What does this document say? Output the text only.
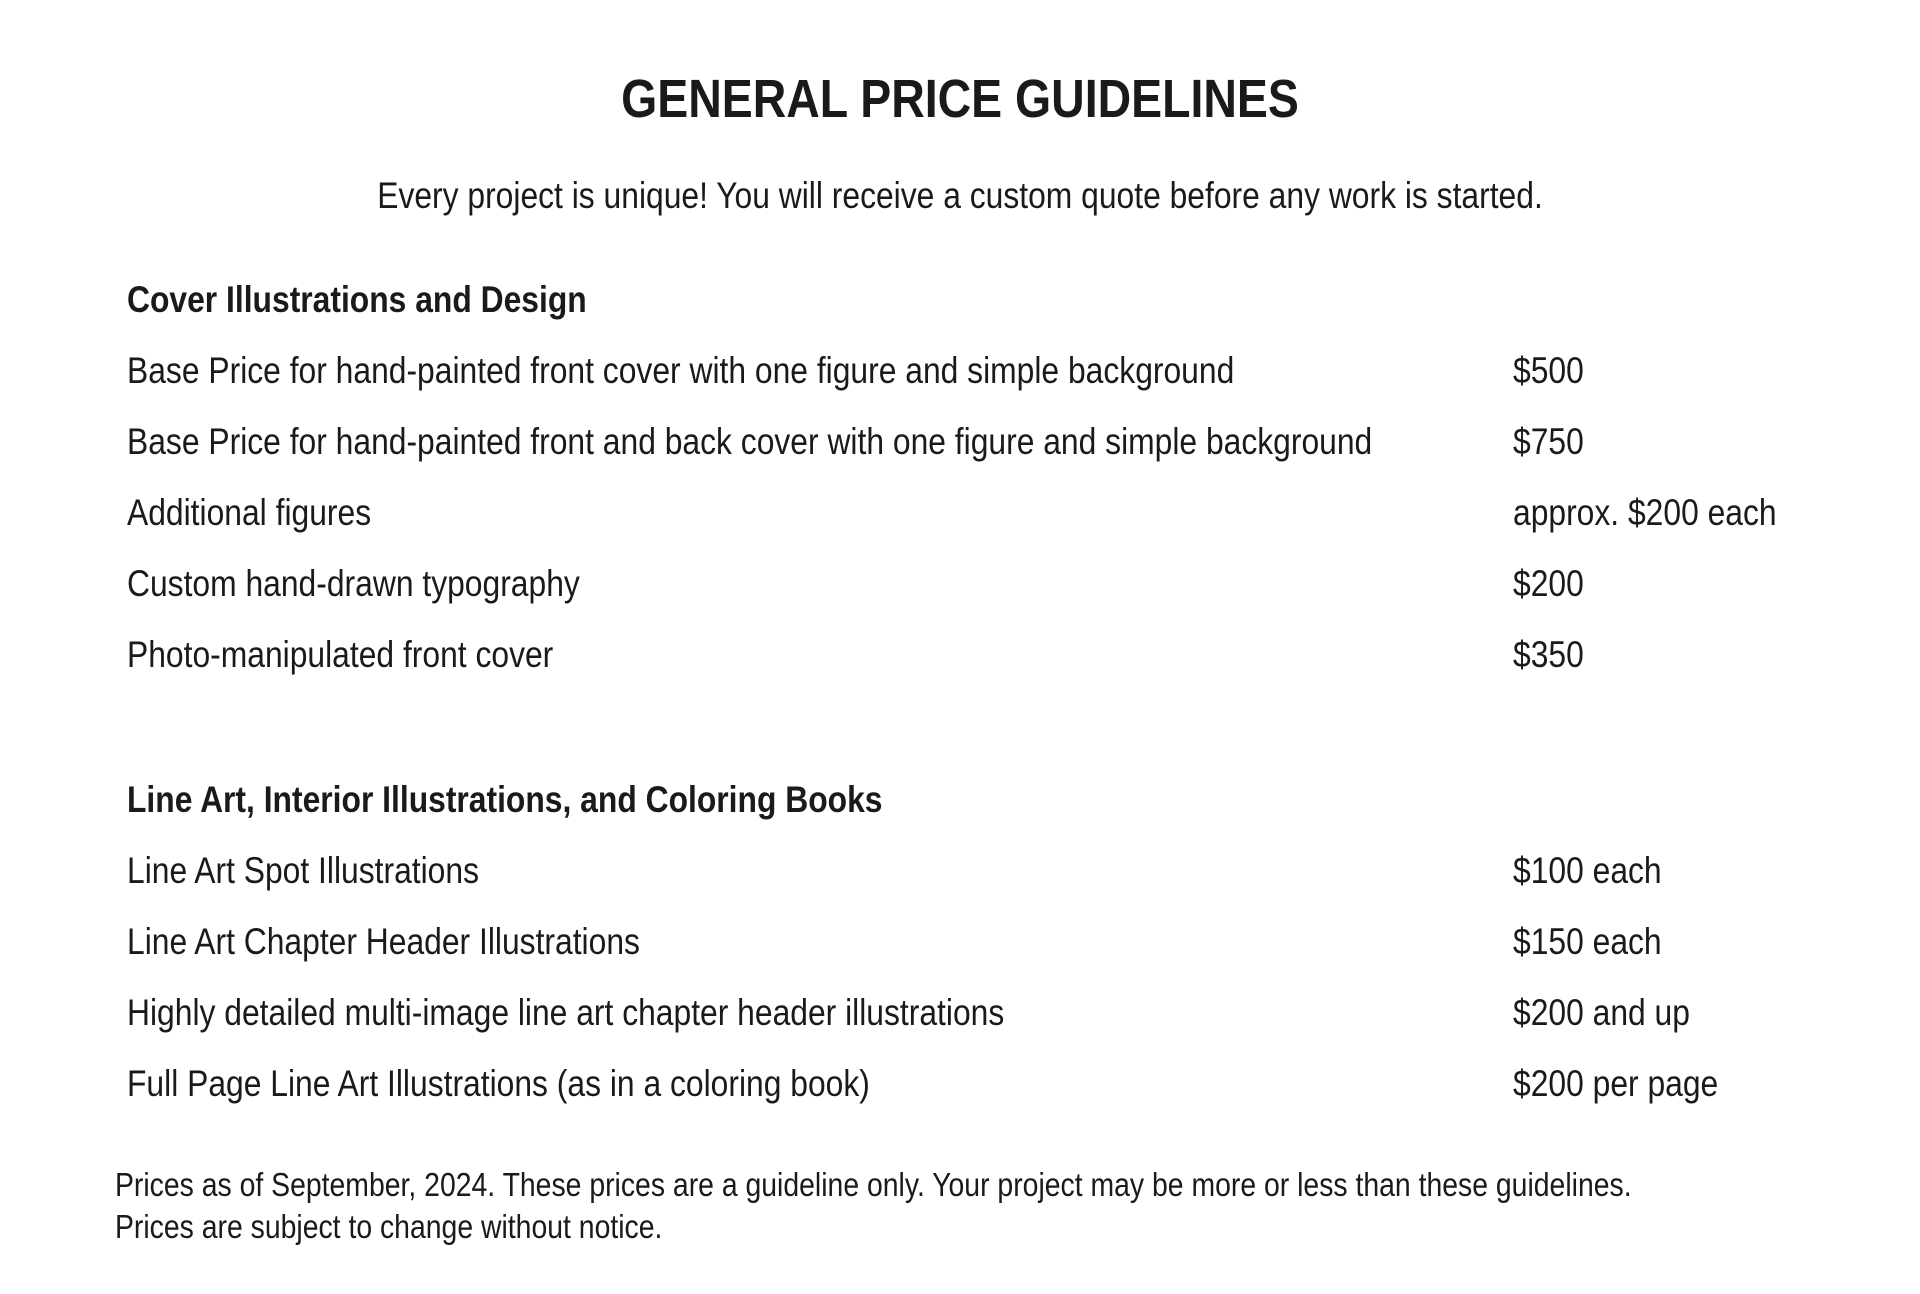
GENERAL PRICE GUIDELINES

Every project is unique! You will receive a custom quote before any work is started.

Cover Illustrations and Design
Base Price for hand-painted front cover with one figure and simple background	$500
Base Price for hand-painted front and back cover with one figure and simple background	$750
Additional figures	approx. $200 each
Custom hand-drawn typography	$200
Photo-manipulated front cover	$350
Line Art, Interior Illustrations, and Coloring Books
Line Art Spot Illustrations	$100 each
Line Art Chapter Header Illustrations	$150 each
Highly detailed multi-image line art chapter header illustrations	$200 and up
Full Page Line Art Illustrations (as in a coloring book)	$200 per page
Prices as of September, 2024. These prices are a guideline only. Your project may be more or less than these guidelines.
Prices are subject to change without notice.
